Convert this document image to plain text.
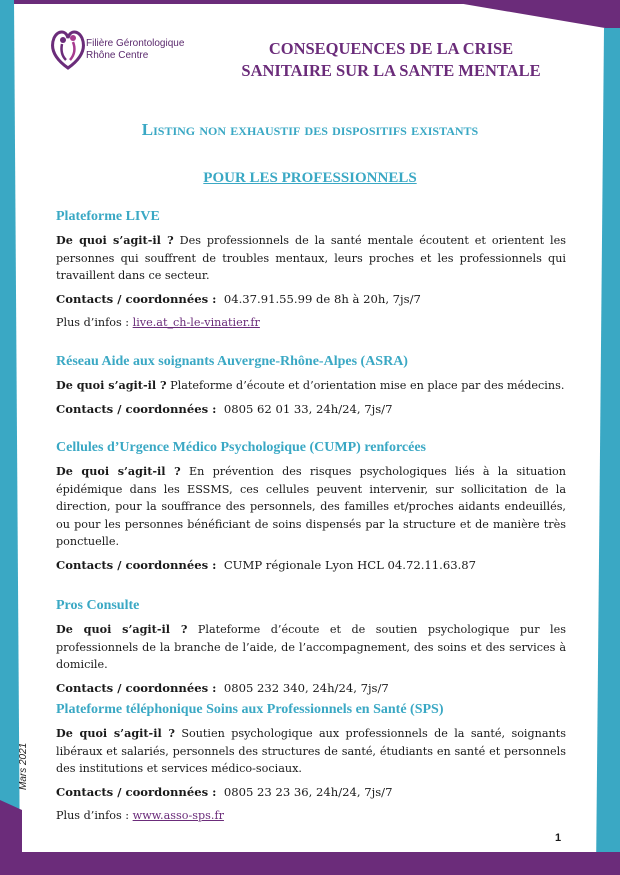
Filière Gérontologique
Rhône Centre	CONSEQUENCES DE LA CRISE
SANITAIRE SUR LA SANTE MENTALE
Listing non exhaustif des dispositifs existants
POUR LES PROFESSIONNELS
Plateforme LIVE

De quoi s’agit-il ? Des professionnels de la santé mentale écoutent et orientent les personnes qui souffrent de troubles mentaux, leurs proches et les professionnels qui travaillent dans ce secteur.

Contacts / coordonnées : 04.37.91.55.99 de 8h à 20h, 7js/7

Plus d’infos : live.at_ch-le-vinatier.fr

Réseau Aide aux soignants Auvergne-Rhône-Alpes (ASRA)

De quoi s’agit-il ? Plateforme d’écoute et d’orientation mise en place par des médecins.

Contacts / coordonnées : 0805 62 01 33, 24h/24, 7js/7

Cellules d’Urgence Médico Psychologique (CUMP) renforcées

De quoi s’agit-il ? En prévention des risques psychologiques liés à la situation épidémique dans les ESSMS, ces cellules peuvent intervenir, sur sollicitation de la direction, pour la souffrance des personnels, des familles et/proches aidants endeuillés, ou pour les personnes bénéficiant de soins dispensés par la structure et de manière très ponctuelle.

Contacts / coordonnées : CUMP régionale Lyon HCL 04.72.11.63.87

Pros Consulte

De quoi s’agit-il ? Plateforme d’écoute et de soutien psychologique pur les professionnels de la branche de l’aide, de l’accompagnement, des soins et des services à domicile.

Contacts / coordonnées : 0805 232 340, 24h/24, 7js/7

Plateforme téléphonique Soins aux Professionnels en Santé (SPS)

De quoi s’agit-il ? Soutien psychologique aux professionnels de la santé, soignants libéraux et salariés, personnels des structures de santé, étudiants en santé et personnels des institutions et services médico-sociaux.

Contacts / coordonnées : 0805 23 23 36, 24h/24, 7js/7

Plus d’infos : www.asso-sps.fr

Mars 2021
1
